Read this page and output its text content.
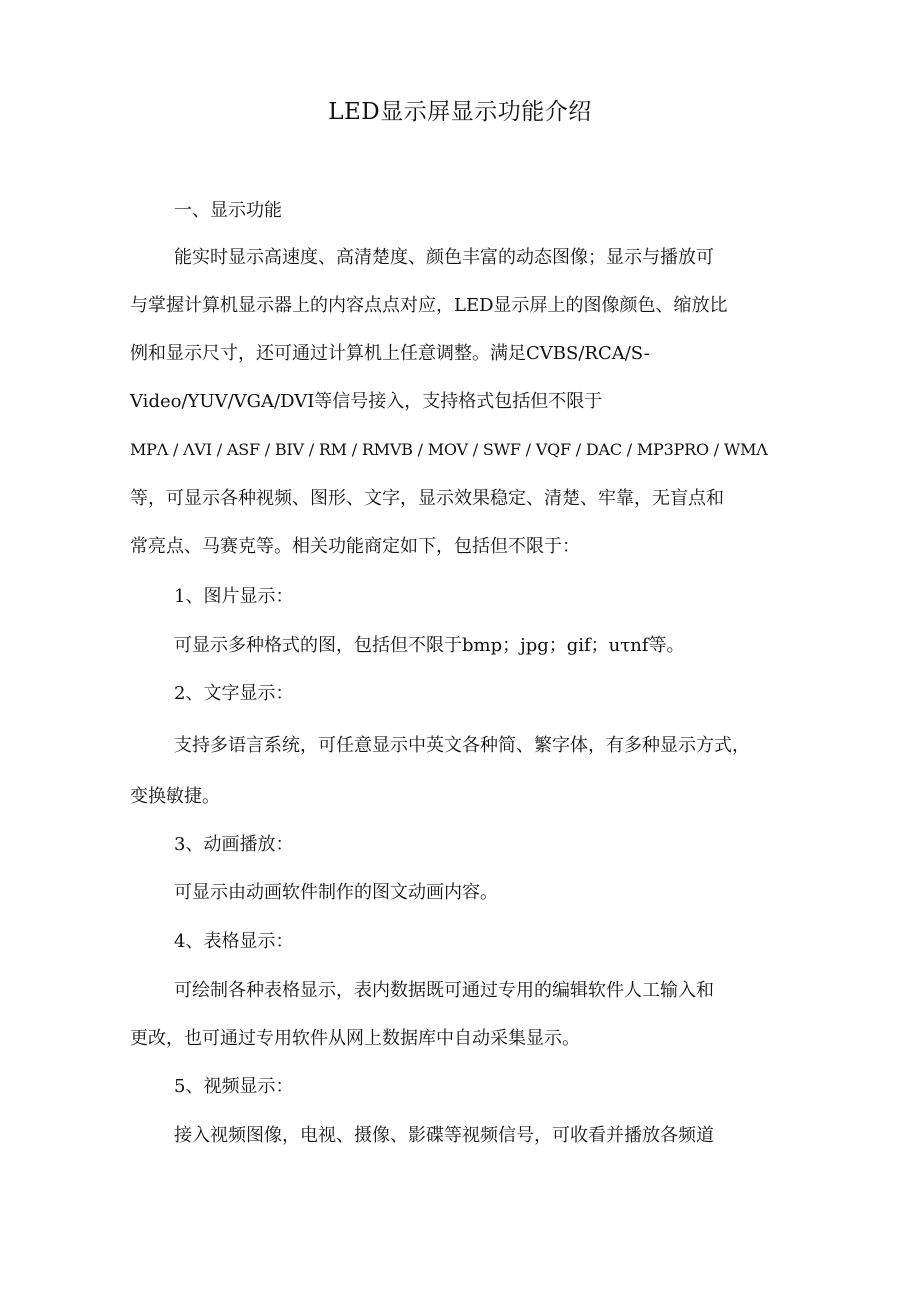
LED显示屏显示功能介绍
一、显示功能
能实时显示高速度、高清楚度、颜色丰富的动态图像；显示与播放可
与掌握计算机显示器上的内容点点对应，LED显示屏上的图像颜色、缩放比
例和显示尺寸，还可通过计算机上任意调整。满足CVBS/RCA/S-
Video/YUV/VGA/DVI等信号接入，支持格式包括但不限于
MPΛ / ΛVI / ASF / BIV / RM / RMVB / MOV / SWF / VQF / DAC / MP3PRO / WMΛ
等，可显示各种视频、图形、文字，显示效果稳定、清楚、牢靠，无盲点和
常亮点、马赛克等。相关功能商定如下，包括但不限于：
1、图片显示：
可显示多种格式的图，包括但不限于bmp；jpg；gif；uτnf等。
2、文字显示：
支持多语言系统，可任意显示中英文各种简、繁字体，有多种显示方式，
变换敏捷。
3、动画播放：
可显示由动画软件制作的图文动画内容。
4、表格显示：
可绘制各种表格显示，表内数据既可通过专用的编辑软件人工输入和
更改，也可通过专用软件从网上数据库中自动采集显示。
5、视频显示：
接入视频图像，电视、摄像、影碟等视频信号，可收看并播放各频道
